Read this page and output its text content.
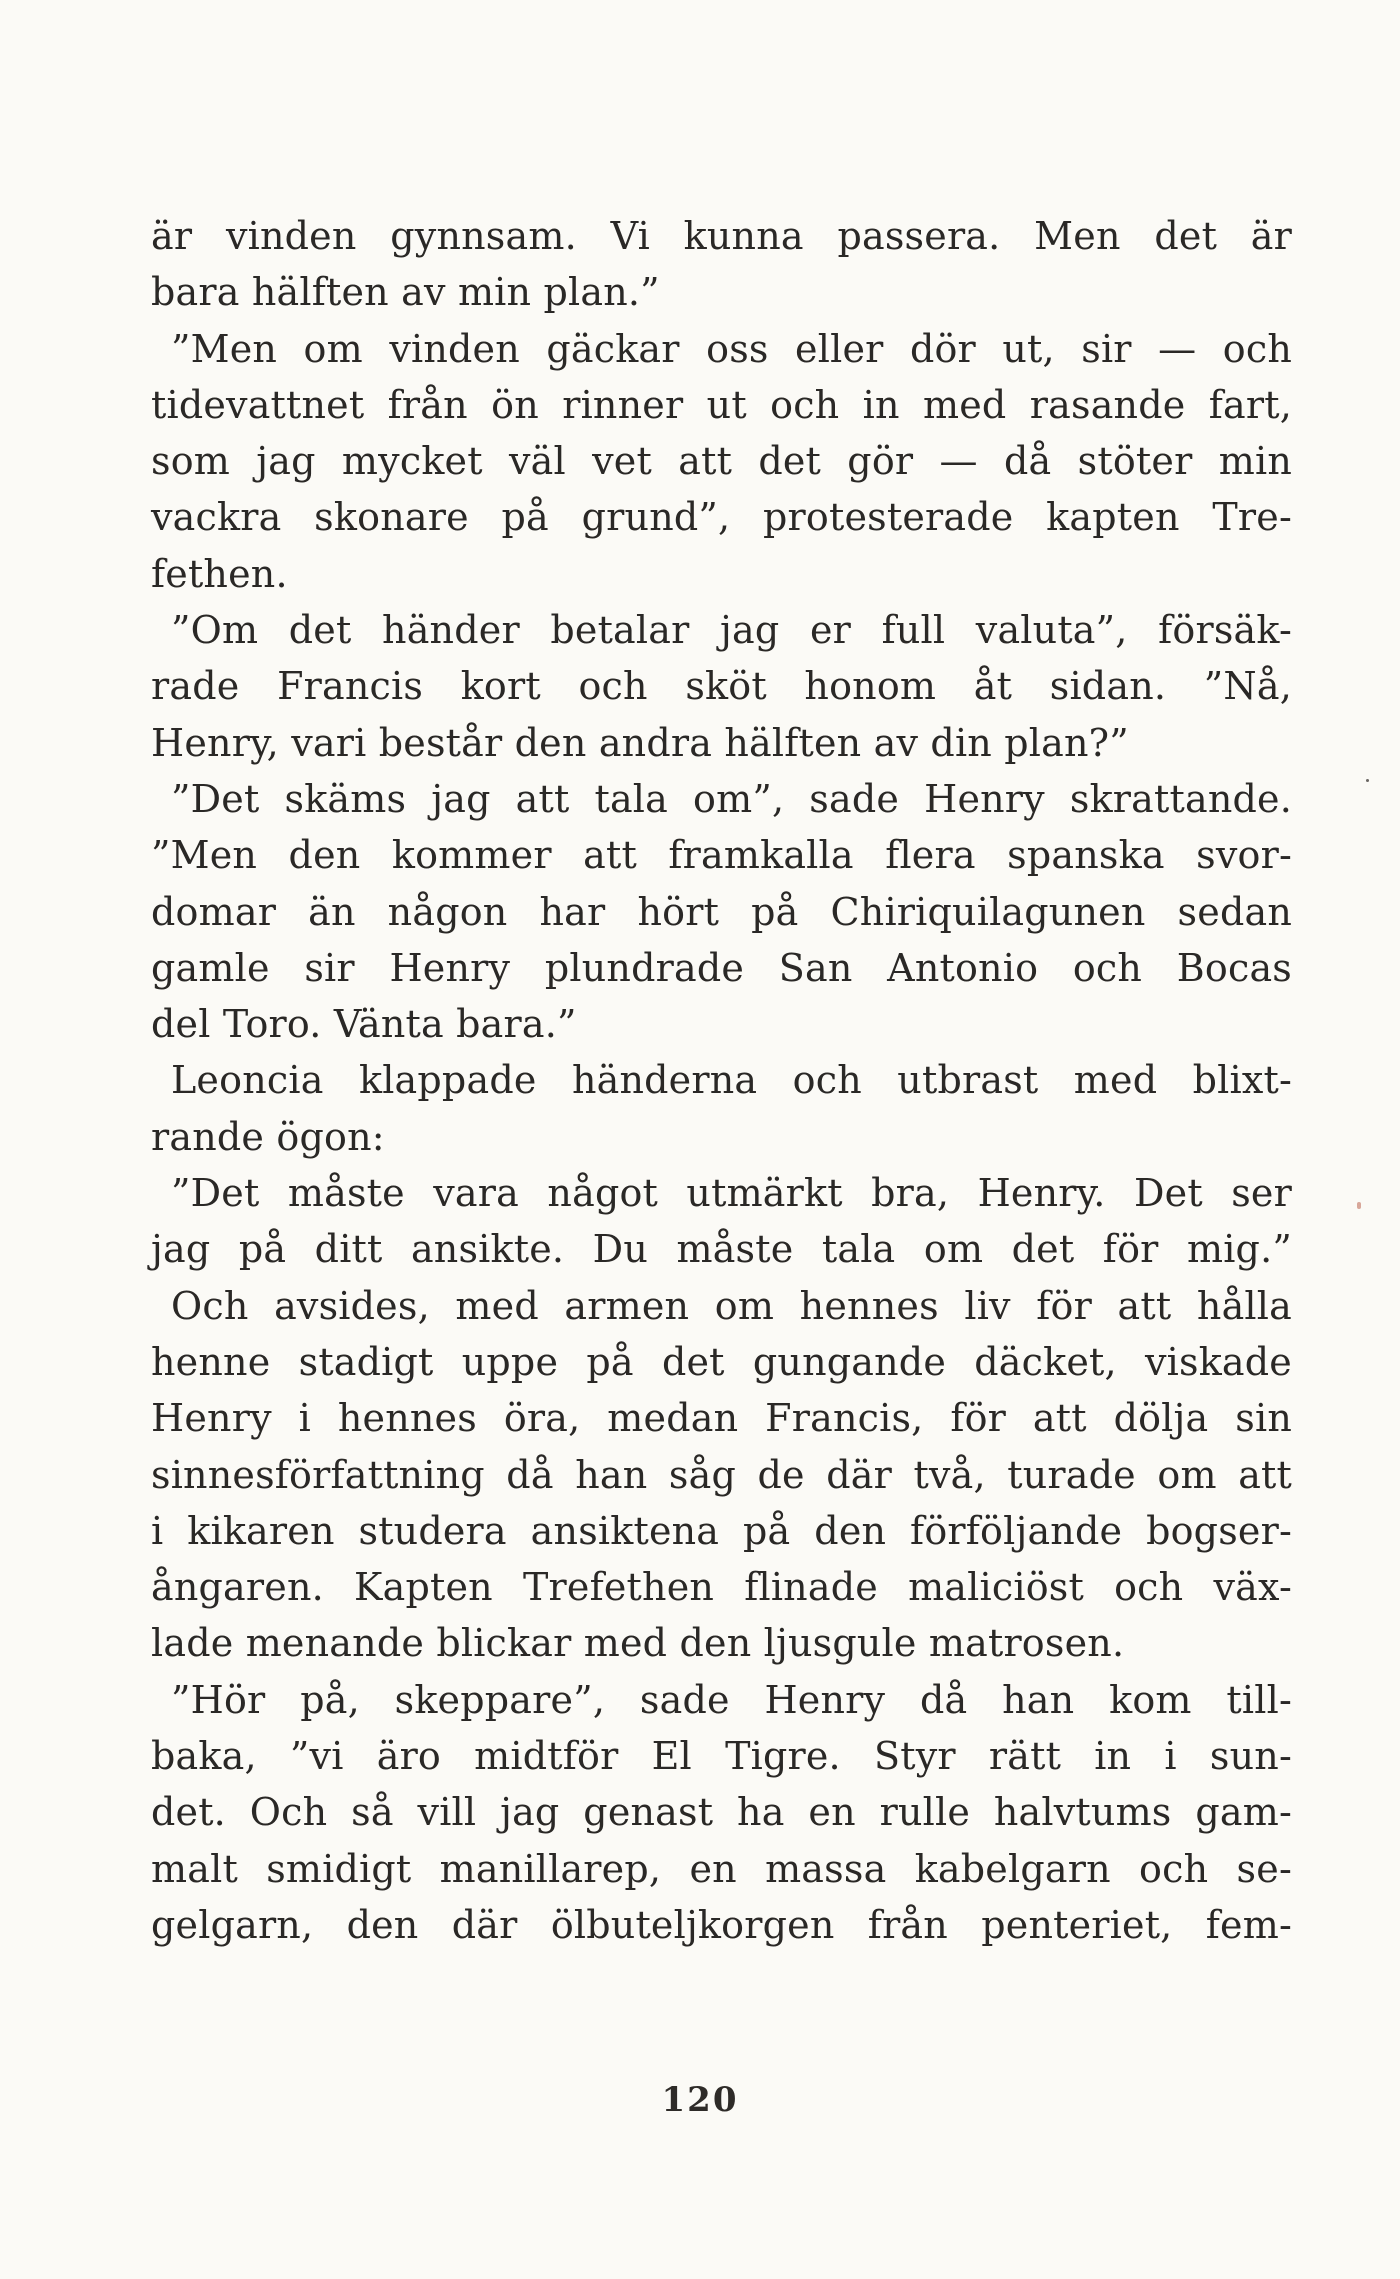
är vinden gynnsam. Vi kunna passera. Men det är
bara hälften av min plan.”
”Men om vinden gäckar oss eller dör ut, sir — och
tidevattnet från ön rinner ut och in med rasande fart,
som jag mycket väl vet att det gör — då stöter min
vackra skonare på grund”, protesterade kapten Tre-
fethen.
”Om det händer betalar jag er full valuta”, försäk-
rade Francis kort och sköt honom åt sidan. ”Nå,
Henry, vari består den andra hälften av din plan?”
”Det skäms jag att tala om”, sade Henry skrattande.
”Men den kommer att framkalla flera spanska svor-
domar än någon har hört på Chiriquilagunen sedan
gamle sir Henry plundrade San Antonio och Bocas
del Toro. Vänta bara.”
Leoncia klappade händerna och utbrast med blixt-
rande ögon:
”Det måste vara något utmärkt bra, Henry. Det ser
jag på ditt ansikte. Du måste tala om det för mig.”
Och avsides, med armen om hennes liv för att hålla
henne stadigt uppe på det gungande däcket, viskade
Henry i hennes öra, medan Francis, för att dölja sin
sinnesförfattning då han såg de där två, turade om att
i kikaren studera ansiktena på den förföljande bogser-
ångaren. Kapten Trefethen flinade maliciöst och väx-
lade menande blickar med den ljusgule matrosen.
”Hör på, skeppare”, sade Henry då han kom till-
baka, ”vi äro midtför El Tigre. Styr rätt in i sun-
det. Och så vill jag genast ha en rulle halvtums gam-
malt smidigt manillarep, en massa kabelgarn och se-
gelgarn, den där ölbuteljkorgen från penteriet, fem-
120
